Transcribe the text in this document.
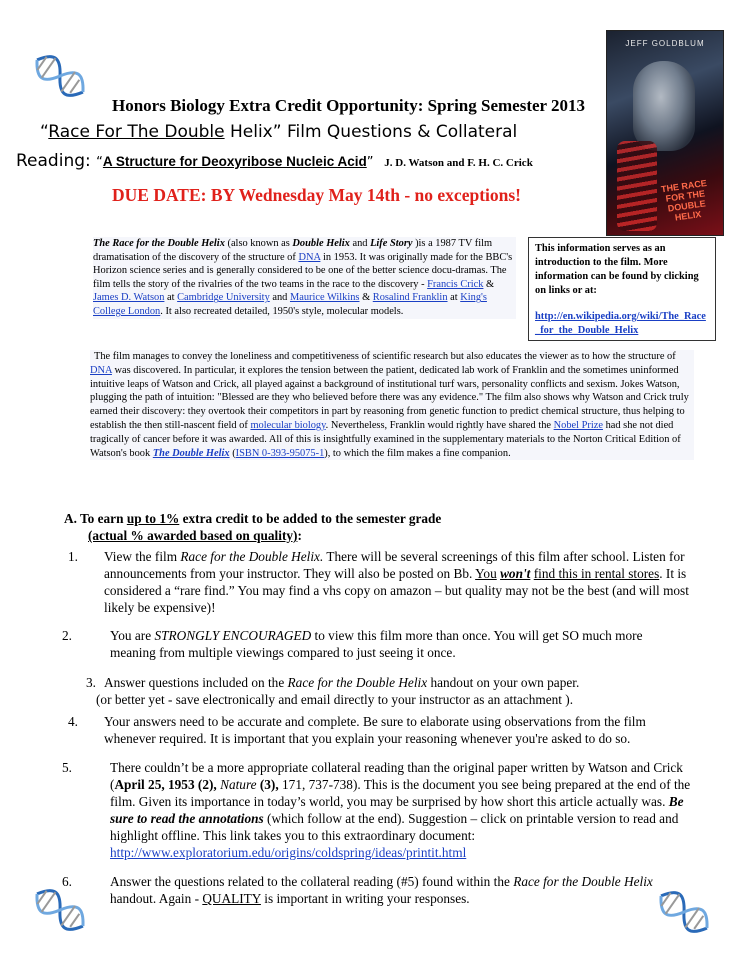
JEFF GOLDBLUM
THE RACE FOR THE DOUBLE HELIX
Honors Biology Extra Credit Opportunity: Spring Semester 2013
“Race For The Double Helix” Film Questions & Collateral
Reading: “A Structure for Deoxyribose Nucleic Acid” J. D. Watson and F. H. C. Crick
DUE DATE: BY Wednesday May 14th - no exceptions!
The Race for the Double Helix (also known as Double Helix and Life Story )is a 1987 TV film dramatisation of the discovery of the structure of DNA in 1953. It was originally made for the BBC's Horizon science series and is generally considered to be one of the better science docu-dramas. The film tells the story of the rivalries of the two teams in the race to the discovery - Francis Crick & James D. Watson at Cambridge University and Maurice Wilkins & Rosalind Franklin at King's College London. It also recreated detailed, 1950's style, molecular models.
This information serves as an introduction to the film. More information can be found by clicking on links or at:
http://en.wikipedia.org/wiki/The_Race_for_the_Double_Helix
The film manages to convey the loneliness and competitiveness of scientific research but also educates the viewer as to how the structure of DNA was discovered. In particular, it explores the tension between the patient, dedicated lab work of Franklin and the sometimes uninformed intuitive leaps of Watson and Crick, all played against a background of institutional turf wars, personality conflicts and sexism. Jokes Watson, plugging the path of intuition: "Blessed are they who believed before there was any evidence." The film also shows why Watson and Crick truly earned their discovery: they overtook their competitors in part by reasoning from genetic function to predict chemical structure, thus helping to establish the then still-nascent field of molecular biology. Nevertheless, Franklin would rightly have shared the Nobel Prize had she not died tragically of cancer before it was awarded. All of this is insightfully examined in the supplementary materials to the Norton Critical Edition of Watson's book The Double Helix (ISBN 0-393-95075-1), to which the film makes a fine companion.
A. To earn up to 1% extra credit to be added to the semester grade
(actual % awarded based on quality):
1. View the film Race for the Double Helix. There will be several screenings of this film after school. Listen for announcements from your instructor. They will also be posted on Bb. You won't find this in rental stores. It is considered a “rare find.” You may find a vhs copy on amazon – but quality may not be the best (and will most likely be expensive)!
2.	You are STRONGLY ENCOURAGED to view this film more than once. You will get SO much more meaning from multiple viewings compared to just seeing it once.
3. Answer questions included on the Race for the Double Helix handout on your own paper.
(or better yet - save electronically and email directly to your instructor as an attachment ).
4. Your answers need to be accurate and complete. Be sure to elaborate using observations from the film whenever required. It is important that you explain your reasoning whenever you're asked to do so.
5.	There couldn’t be a more appropriate collateral reading than the original paper written by Watson and Crick (April 25, 1953 (2), Nature (3), 171, 737-738). This is the document you see being prepared at the end of the film. Given its importance in today’s world, you may be surprised by how short this article actually was. Be sure to read the annotations (which follow at the end). Suggestion – click on printable version to read and highlight offline. This link takes you to this extraordinary document: http://www.exploratorium.edu/origins/coldspring/ideas/printit.html
6.	Answer the questions related to the collateral reading (#5) found within the Race for the Double Helix handout. Again - QUALITY is important in writing your responses.
